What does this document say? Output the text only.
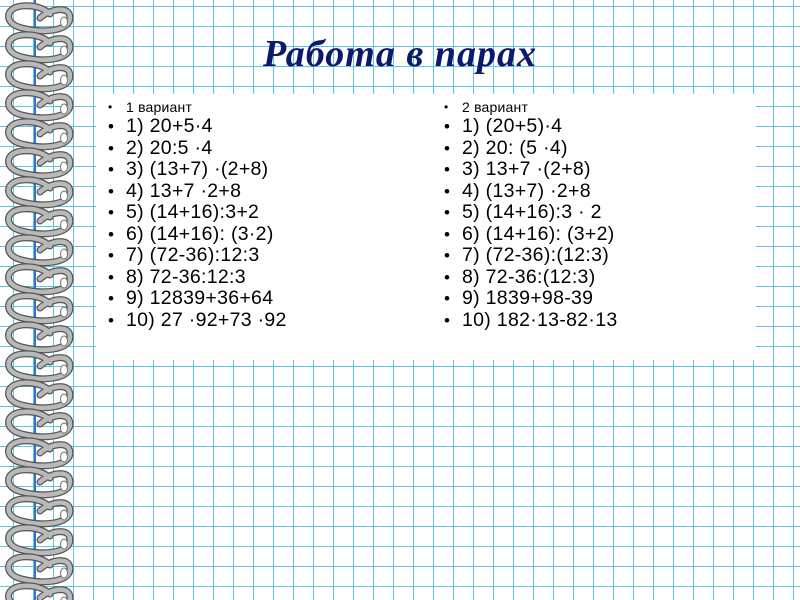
Работа в парах
• 1 вариант
• 1) 20+5·4
• 2) 20:5 ·4
• 3) (13+7) ·(2+8)
• 4) 13+7 ·2+8
• 5) (14+16):3+2
• 6) (14+16): (3·2)
• 7) (72-36):12:3
• 8) 72-36:12:3
• 9) 12839+36+64
• 10) 27 ·92+73 ·92
• 2 вариант
• 1) (20+5)·4
• 2) 20: (5 ·4)
• 3) 13+7 ·(2+8)
• 4) (13+7) ·2+8
• 5) (14+16):3 · 2
• 6) (14+16): (3+2)
• 7) (72-36):(12:3)
• 8) 72-36:(12:3)
• 9) 1839+98-39
• 10) 182·13-82·13
